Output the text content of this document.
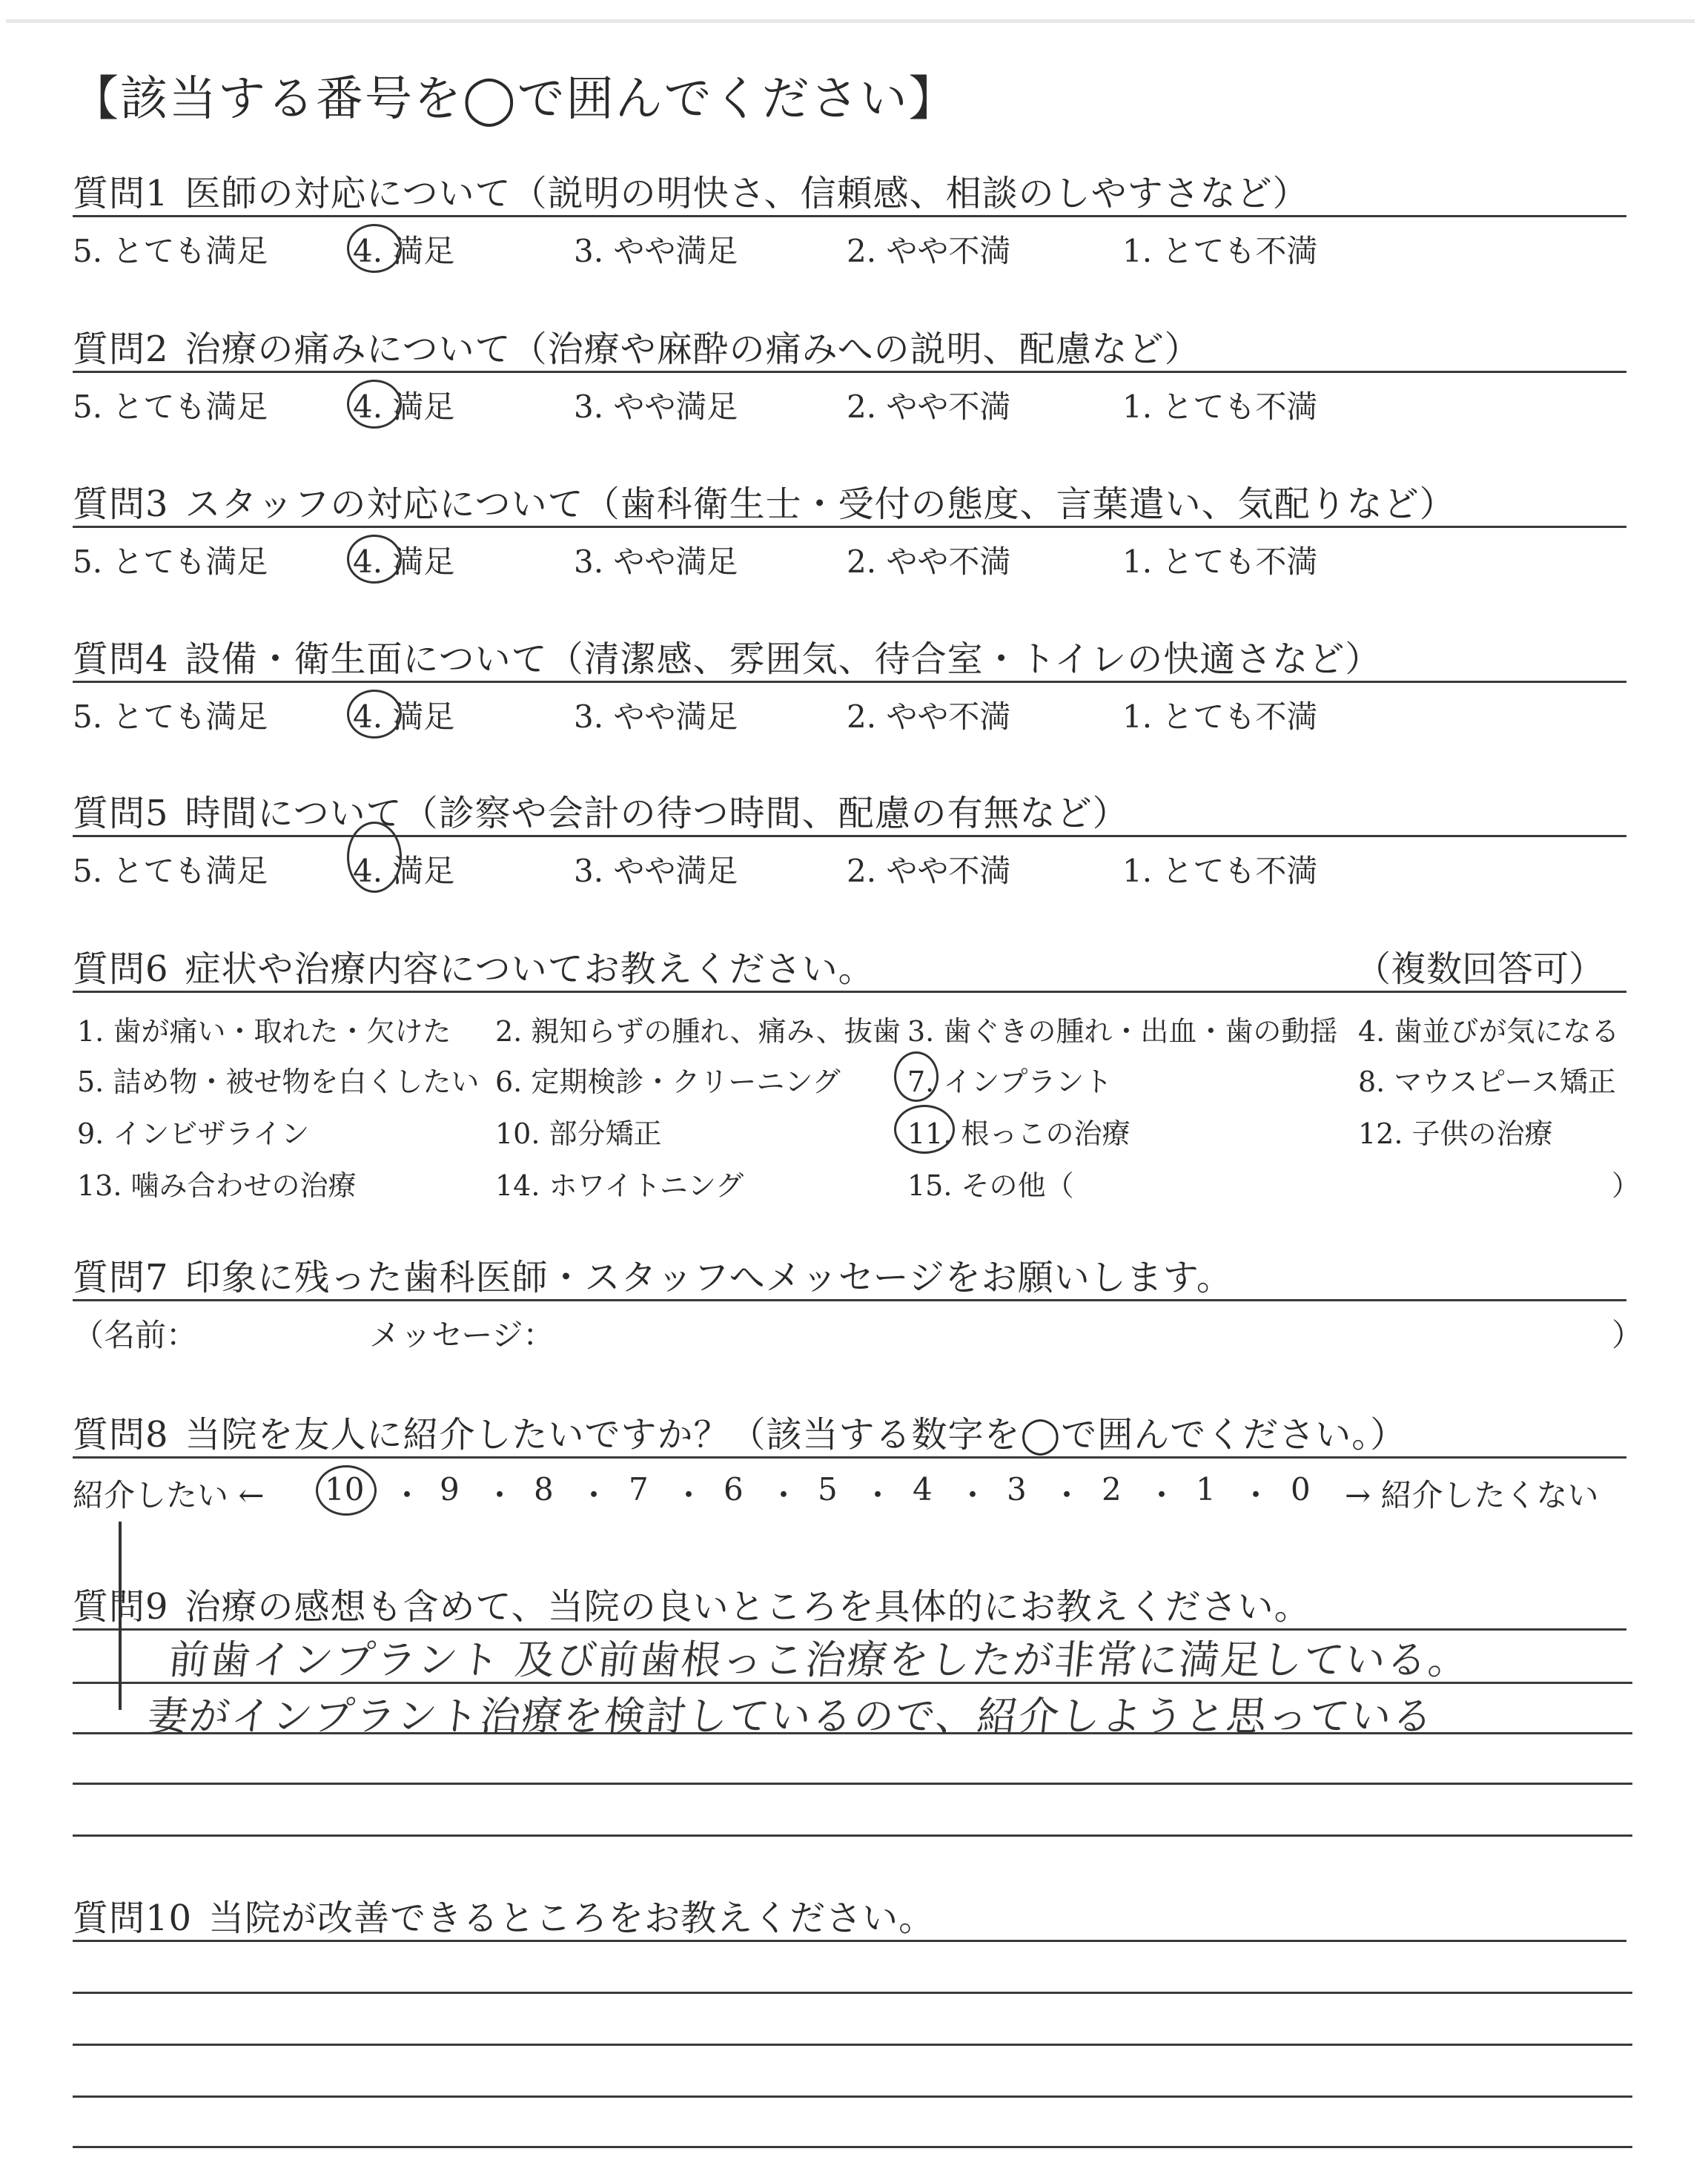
【該当する番号を◯で囲んでください】
質問1 医師の対応について（説明の明快さ、信頼感、相談のしやすさなど）
5. とても満足	4. 満足	3. やや満足	2. やや不満	1. とても不満
質問2 治療の痛みについて（治療や麻酔の痛みへの説明、配慮など）
5. とても満足	4. 満足	3. やや満足	2. やや不満	1. とても不満
質問3 スタッフの対応について（歯科衛生士・受付の態度、言葉遣い、気配りなど）
5. とても満足	4. 満足	3. やや満足	2. やや不満	1. とても不満
質問4 設備・衛生面について（清潔感、雰囲気、待合室・トイレの快適さなど）
5. とても満足	4. 満足	3. やや満足	2. やや不満	1. とても不満
質問5 時間について（診察や会計の待つ時間、配慮の有無など）
5. とても満足	4. 満足	3. やや満足	2. やや不満	1. とても不満
質問6 症状や治療内容についてお教えください。	（複数回答可）
1. 歯が痛い・取れた・欠けた 2. 親知らずの腫れ、痛み、抜歯 3. 歯ぐきの腫れ・出血・歯の動揺 4. 歯並びが気になる
5. 詰め物・被せ物を白くしたい 6. 定期検診・クリーニング 7. インプラント	8. マウスピース矯正
9. インビザライン	10. 部分矯正	11. 根っこの治療	12. 子供の治療
13. 噛み合わせの治療	14. ホワイトニング	15. その他（	）
質問7 印象に残った歯科医師・スタッフへメッセージをお願いします。
（名前：	メッセージ：	）
質問8 当院を友人に紹介したいですか？（該当する数字を◯で囲んでください。）
紹介したい ← 10 ・ 9 ・ 8 ・ 7 ・ 6 ・ 5 ・ 4 ・ 3 ・ 2 ・ 1 ・ 0 → 紹介したくない
質問9 治療の感想も含めて、当院の良いところを具体的にお教えください。
前歯インプラント 及び前歯根っこ治療をしたが非常に満足している。
妻がインプラント治療を検討しているので、紹介しようと思っている
質問10 当院が改善できるところをお教えください。
